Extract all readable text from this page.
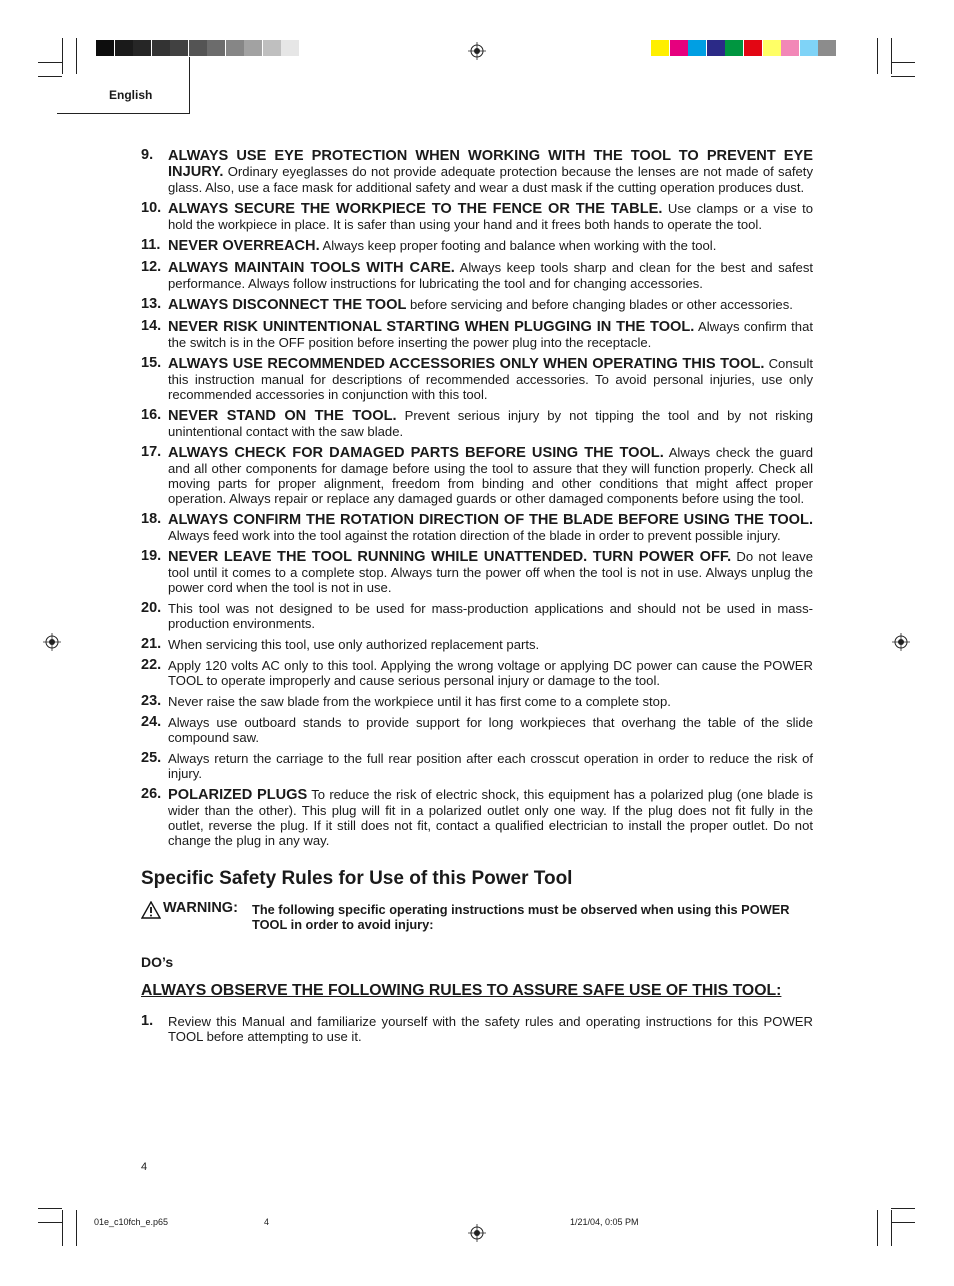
English
9. ALWAYS USE EYE PROTECTION WHEN WORKING WITH THE TOOL TO PREVENT EYE INJURY. Ordinary eyeglasses do not provide adequate protection because the lenses are not made of safety glass. Also, use a face mask for additional safety and wear a dust mask if the cutting operation produces dust.
10. ALWAYS SECURE THE WORKPIECE TO THE FENCE OR THE TABLE. Use clamps or a vise to hold the workpiece in place. It is safer than using your hand and it frees both hands to operate the tool.
11. NEVER OVERREACH. Always keep proper footing and balance when working with the tool.
12. ALWAYS MAINTAIN TOOLS WITH CARE. Always keep tools sharp and clean for the best and safest performance. Always follow instructions for lubricating the tool and for changing accessories.
13. ALWAYS DISCONNECT THE TOOL before servicing and before changing blades or other accessories.
14. NEVER RISK UNINTENTIONAL STARTING WHEN PLUGGING IN THE TOOL. Always confirm that the switch is in the OFF position before inserting the power plug into the receptacle.
15. ALWAYS USE RECOMMENDED ACCESSORIES ONLY WHEN OPERATING THIS TOOL. Consult this instruction manual for descriptions of recommended accessories. To avoid personal injuries, use only recommended accessories in conjunction with this tool.
16. NEVER STAND ON THE TOOL. Prevent serious injury by not tipping the tool and by not risking unintentional contact with the saw blade.
17. ALWAYS CHECK FOR DAMAGED PARTS BEFORE USING THE TOOL. Always check the guard and all other components for damage before using the tool to assure that they will function properly. Check all moving parts for proper alignment, freedom from binding and other conditions that might affect proper operation. Always repair or replace any damaged guards or other damaged components before using the tool.
18. ALWAYS CONFIRM THE ROTATION DIRECTION OF THE BLADE BEFORE USING THE TOOL. Always feed work into the tool against the rotation direction of the blade in order to prevent possible injury.
19. NEVER LEAVE THE TOOL RUNNING WHILE UNATTENDED. TURN POWER OFF. Do not leave tool until it comes to a complete stop. Always turn the power off when the tool is not in use. Always unplug the power cord when the tool is not in use.
20. This tool was not designed to be used for mass-production applications and should not be used in mass-production environments.
21. When servicing this tool, use only authorized replacement parts.
22. Apply 120 volts AC only to this tool. Applying the wrong voltage or applying DC power can cause the POWER TOOL to operate improperly and cause serious personal injury or damage to the tool.
23. Never raise the saw blade from the workpiece until it has first come to a complete stop.
24. Always use outboard stands to provide support for long workpieces that overhang the table of the slide compound saw.
25. Always return the carriage to the full rear position after each crosscut operation in order to reduce the risk of injury.
26. POLARIZED PLUGS To reduce the risk of electric shock, this equipment has a polarized plug (one blade is wider than the other). This plug will fit in a polarized outlet only one way. If the plug does not fit fully in the outlet, reverse the plug. If it still does not fit, contact a qualified electrician to install the proper outlet. Do not change the plug in any way.
Specific Safety Rules for Use of this Power Tool
WARNING: The following specific operating instructions must be observed when using this POWER TOOL in order to avoid injury:
DO’s
ALWAYS OBSERVE THE FOLLOWING RULES TO ASSURE SAFE USE OF THIS TOOL:
1. Review this Manual and familiarize yourself with the safety rules and operating instructions for this POWER TOOL before attempting to use it.
4
01e_c10fch_e.p65	4	1/21/04, 0:05 PM
